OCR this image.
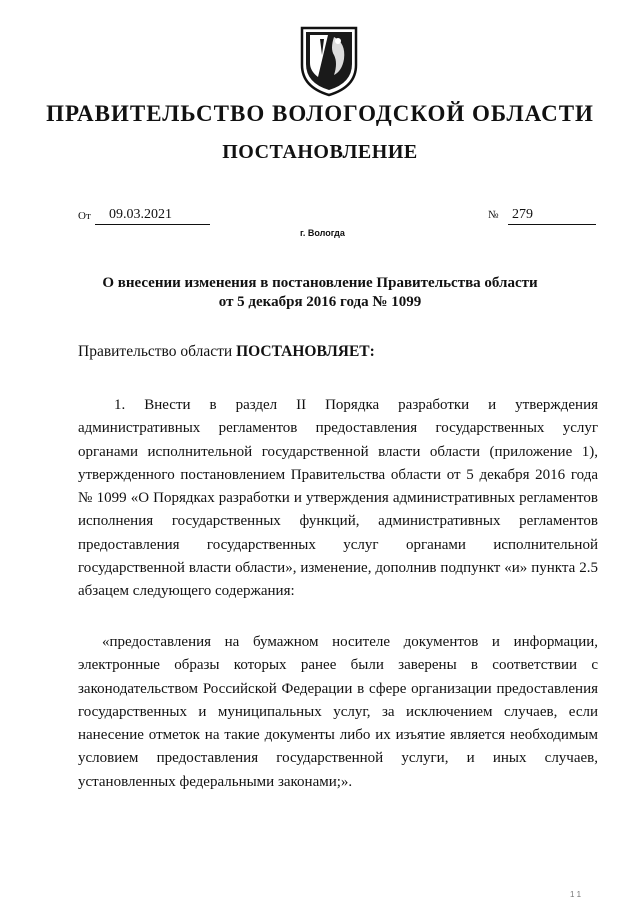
ПРАВИТЕЛЬСТВО ВОЛОГОДСКОЙ ОБЛАСТИ
ПОСТАНОВЛЕНИЕ
От	09.03.2021	№ 279
г. Вологда
О внесении изменения в постановление Правительства области
от 5 декабря 2016 года № 1099
Правительство области ПОСТАНОВЛЯЕТ:
1. Внести в раздел II Порядка разработки и утверждения административных регламентов предоставления государственных услуг органами исполнительной государственной власти области (приложение 1), утвержденного постановлением Правительства области от 5 декабря 2016 года № 1099 «О Порядках разработки и утверждения административных регламентов исполнения государственных функций, административных регламентов предоставления государственных услуг органами исполнительной государственной власти области», изменение, дополнив подпункт «и» пункта 2.5 абзацем следующего содержания:
«предоставления на бумажном носителе документов и информации, электронные образы которых ранее были заверены в соответствии с законодательством Российской Федерации в сфере организации предоставления государственных и муниципальных услуг, за исключением случаев, если нанесение отметок на такие документы либо их изъятие является необходимым условием предоставления государственной услуги, и иных случаев, установленных федеральными законами;».
1 1
